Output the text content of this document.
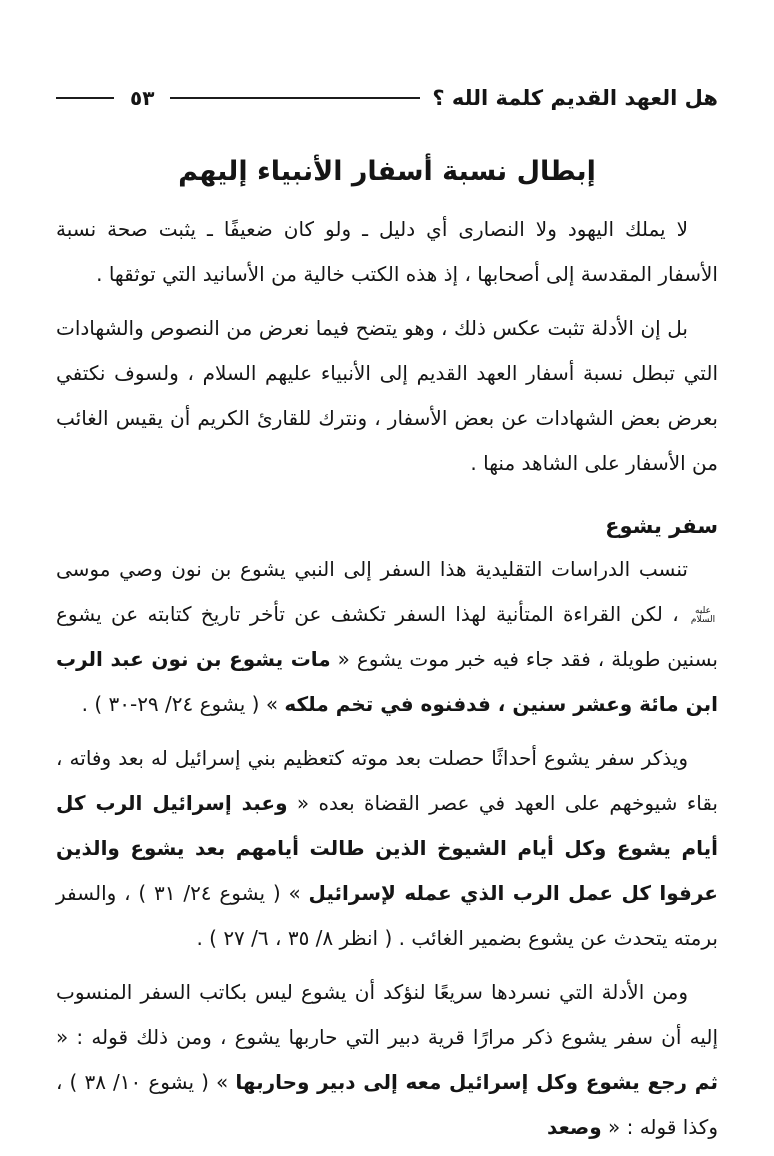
هل العهد القديم كلمة الله ؟
٥٣
إبطال نسبة أسفار الأنبياء إليهم

لا يملك اليهود ولا النصارى أي دليل ـ ولو كان ضعيفًا ـ يثبت صحة نسبة الأسفار المقدسة إلى أصحابها ، إذ هذه الكتب خالية من الأسانيد التي توثقها .

بل إن الأدلة تثبت عكس ذلك ، وهو يتضح فيما نعرض من النصوص والشهادات التي تبطل نسبة أسفار العهد القديم إلى الأنبياء عليهم السلام ، ولسوف نكتفي بعرض بعض الشهادات عن بعض الأسفار ، ونترك للقارئ الكريم أن يقيس الغائب من الأسفار على الشاهد منها .

سفر يشوع

تنسب الدراسات التقليدية هذا السفر إلى النبي يشوع بن نون وصي موسى عليه السلام ، لكن القراءة المتأنية لهذا السفر تكشف عن تأخر تاريخ كتابته عن يشوع بسنين طويلة ، فقد جاء فيه خبر موت يشوع « مات يشوع بن نون عبد الرب ابن مائة وعشر سنين ، فدفنوه في تخم ملكه » ( يشوع ٢٤/ ٢٩-٣٠ ) .

ويذكر سفر يشوع أحداثًا حصلت بعد موته كتعظيم بني إسرائيل له بعد وفاته ، بقاء شيوخهم على العهد في عصر القضاة بعده « وعبد إسرائيل الرب كل أيام يشوع وكل أيام الشيوخ الذين طالت أيامهم بعد يشوع والذين عرفوا كل عمل الرب الذي عمله لإسرائيل » ( يشوع ٢٤/ ٣١ ) ، والسفر برمته يتحدث عن يشوع بضمير الغائب . ( انظر ٨/ ٣٥ ، ٦/ ٢٧ ) .

ومن الأدلة التي نسردها سريعًا لنؤكد أن يشوع ليس بكاتب السفر المنسوب إليه أن سفر يشوع ذكر مرارًا قرية دبير التي حاربها يشوع ، ومن ذلك قوله : « ثم رجع يشوع وكل إسرائيل معه إلى دبير وحاربها » ( يشوع ١٠/ ٣٨ ) ، وكذا قوله : « وصعد
